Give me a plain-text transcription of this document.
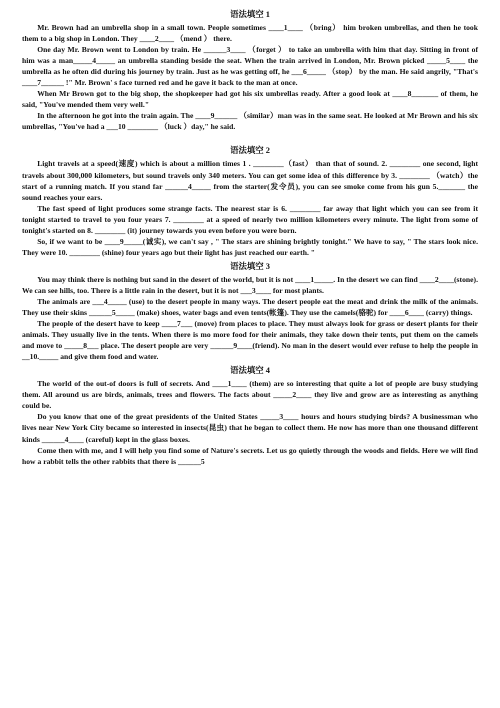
语法填空 1

Mr. Brown had an umbrella shop in a small town. People sometimes ____1____ （bring） him broken umbrellas, and then he took them to a big shop in London. They ____2____ （mend ） there.

One day Mr. Brown went to London by train. He ______3____ （forget ） to take an umbrella with him that day. Sitting in front of him was a man_____4_____ an umbrella standing beside the seat. When the train arrived in London, Mr. Brown picked _____5____ the umbrella as he often did during his journey by train. Just as he was getting off, he ___6_____ （stop） by the man. He said angrily, "That's ____7______ !" Mr. Brown' s face turned red and he gave it back to the man at once.

When Mr Brown got to the big shop, the shopkeeper had got his six umbrellas ready. After a good look at ____8_______ of them, he said, "You've mended them very well."

In the afternoon he got into the train again. The ____9______ （similar）man was in the same seat. He looked at Mr Brown and his six umbrellas, "You've had a ___10 ________ （luck ）day," he said.

语法填空 2

Light travels at a speed(速度) which is about a million times 1 . ________（fast） than that of sound. 2. ________ one second, light travels about 300,000 kilometers, but sound travels only 340 meters. You can get some idea of this difference by 3. ________ （watch）the start of a running match. If you stand far ______4_____ from the starter(发令员), you can see smoke come from his gun 5._______ the sound reaches your ears.

The fast speed of light produces some strange facts. The nearest star is 6. ________ far away that light which you can see from it tonight started to travel to you four years 7. ________ at a speed of nearly two million kilometers every minute. The light from some of tonight's started on 8. ________ (it) journey towards you even before you were born.

So, if we want to be ____9_____(诚实), we can't say , " The stars are shining brightly tonight." We have to say, " The stars look nice. They were 10. ________ (shine) four years ago but their light has just reached our earth. "

语法填空 3

You may think there is nothing but sand in the desert of the world, but it is not ____1_____. In the desert we can find ____2____(stone). We can see hills, too. There is a little rain in the desert, but it is not ___3____ for most plants.

The animals are ___4_____ (use) to the desert people in many ways. The desert people eat the meat and drink the milk of the animals. They use their skins ______5_____ (make) shoes, water bags and even tents(帐篷). They use the camels(骆驼) for ____6____ (carry) things.

The people of the desert have to keep ____7___ (move) from places to place. They must always look for grass or desert plants for their animals. They usually live in the tents. When there is mo more food for their animals, they take down their tents, put them on the camels and move to _____8___ place. The desert people are very ______9____(friend). No man in the desert would ever refuse to help the people in __10._____ and give them food and water.

语法填空 4

The world of the out-of doors is full of secrets. And ____1____ (them) are so interesting that quite a lot of people are busy studying them. All around us are birds, animals, trees and flowers. The facts about _____2____ they live and grow are as interesting as anything could be.

Do you know that one of the great presidents of the United States _____3____ hours and hours studying birds? A businessman who lives near New York City became so interested in insects(昆虫) that he began to collect them. He now has more than one thousand different kinds ______4____ (careful) kept in the glass boxes.

Come then with me, and I will help you find some of Nature's secrets. Let us go quietly through the woods and fields. Here we will find how a rabbit tells the other rabbits that there is ______5
